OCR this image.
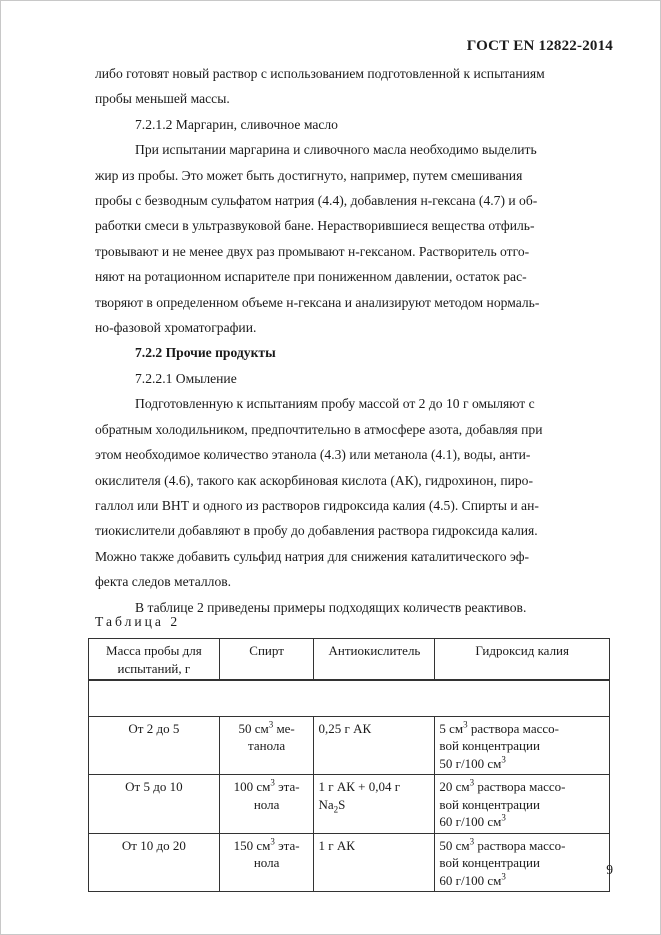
ГОСТ EN 12822-2014

либо готовят новый раствор с использованием подготовленной к испытаниям
пробы меньшей массы.

7.2.1.2 Маргарин, сливочное масло

При испытании маргарина и сливочного масла необходимо выделить
жир из пробы. Это может быть достигнуто, например, путем смешивания
пробы с безводным сульфатом натрия (4.4), добавления н-гексана (4.7) и об-
работки смеси в ультразвуковой бане. Нерастворившиеся вещества отфиль-
тровывают и не менее двух раз промывают н-гексаном. Растворитель отго-
няют на ротационном испарителе при пониженном давлении, остаток рас-
творяют в определенном объеме н-гексана и анализируют методом нормаль-
но-фазовой хроматографии.

7.2.2 Прочие продукты

7.2.2.1 Омыление

Подготовленную к испытаниям пробу массой от 2 до 10 г омыляют с
обратным холодильником, предпочтительно в атмосфере азота, добавляя при
этом необходимое количество этанола (4.3) или метанола (4.1), воды, анти-
окислителя (4.6), такого как аскорбиновая кислота (АК), гидрохинон, пиро-
галлол или ВНТ и одного из растворов гидроксида калия (4.5). Спирты и ан-
тиокислители добавляют в пробу до добавления раствора гидроксида калия.
Можно также добавить сульфид натрия для снижения каталитического эф-
фекта следов металлов.

В таблице 2 приведены примеры подходящих количеств реактивов.

Таблица 2
Масса пробы для
испытаний, г	Спирт	Антиокислитель	Гидроксид калия

От 2 до 5	50 $см^3$ ме-
танола	0,25 г АК	5 $см^3$ раствора массо-
вой концентрации
50 г/100 $см^3$
От 5 до 10	100 $см^3$ эта-
нола	1 г АК + 0,04 г
$Na_2S$	20 $см^3$ раствора массо-
вой концентрации
60 г/100 $см^3$
От 10 до 20	150 $см^3$ эта-
нола	1 г АК	50 $см^3$ раствора массо-
вой концентрации
60 г/100 $см^3$	9
